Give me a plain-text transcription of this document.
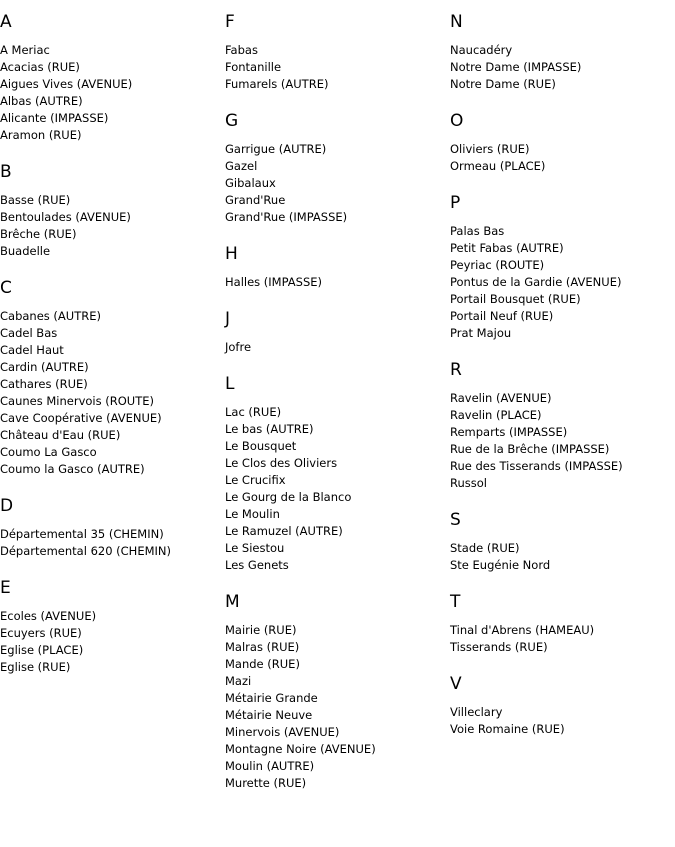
A
A Meriac
Acacias (RUE)
Aigues Vives (AVENUE)
Albas (AUTRE)
Alicante (IMPASSE)
Aramon (RUE)
B
Basse (RUE)
Bentoulades (AVENUE)
Brêche (RUE)
Buadelle
C
Cabanes (AUTRE)
Cadel Bas
Cadel Haut
Cardin (AUTRE)
Cathares (RUE)
Caunes Minervois (ROUTE)
Cave Coopérative (AVENUE)
Château d'Eau (RUE)
Coumo La Gasco
Coumo la Gasco (AUTRE)
D
Départemental 35 (CHEMIN)
Départemental 620 (CHEMIN)
E
Ecoles (AVENUE)
Ecuyers (RUE)
Eglise (PLACE)
Eglise (RUE)
F
Fabas
Fontanille
Fumarels (AUTRE)
G
Garrigue (AUTRE)
Gazel
Gibalaux
Grand'Rue
Grand'Rue (IMPASSE)
H
Halles (IMPASSE)
J
Jofre
L
Lac (RUE)
Le bas (AUTRE)
Le Bousquet
Le Clos des Oliviers
Le Crucifix
Le Gourg de la Blanco
Le Moulin
Le Ramuzel (AUTRE)
Le Siestou
Les Genets
M
Mairie (RUE)
Malras (RUE)
Mande (RUE)
Mazi
Métairie Grande
Métairie Neuve
Minervois (AVENUE)
Montagne Noire (AVENUE)
Moulin (AUTRE)
Murette (RUE)
N
Naucadéry
Notre Dame (IMPASSE)
Notre Dame (RUE)
O
Oliviers (RUE)
Ormeau (PLACE)
P
Palas Bas
Petit Fabas (AUTRE)
Peyriac (ROUTE)
Pontus de la Gardie (AVENUE)
Portail Bousquet (RUE)
Portail Neuf (RUE)
Prat Majou
R
Ravelin (AVENUE)
Ravelin (PLACE)
Remparts (IMPASSE)
Rue de la Brêche (IMPASSE)
Rue des Tisserands (IMPASSE)
Russol
S
Stade (RUE)
Ste Eugénie Nord
T
Tinal d'Abrens (HAMEAU)
Tisserands (RUE)
V
Villeclary
Voie Romaine (RUE)
